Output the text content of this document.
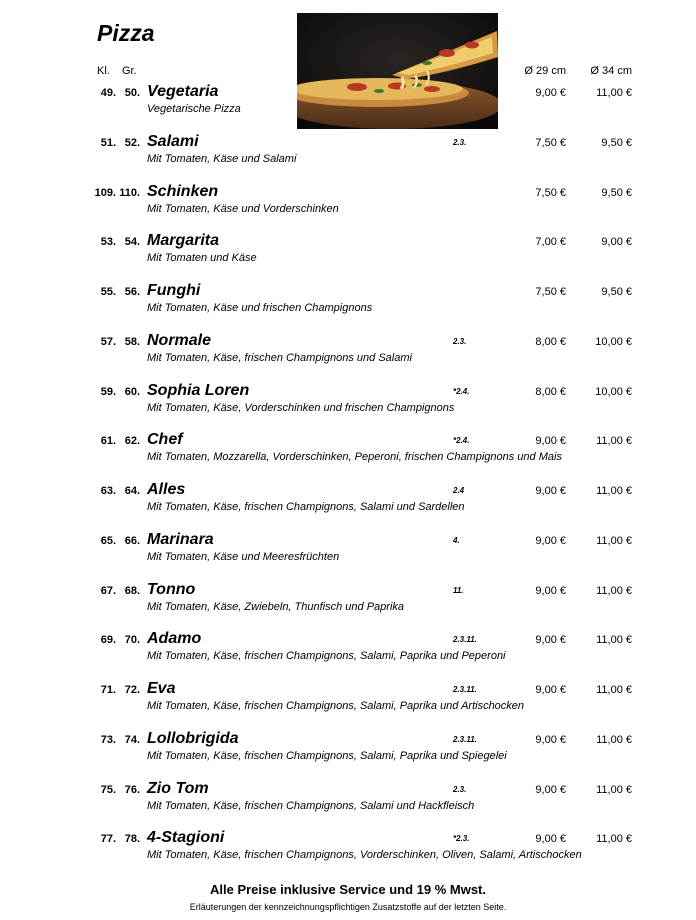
Pizza
Kl. Gr.	Ø 29 cm	Ø 34 cm
49. 50. Vegetaria
Vegetarische Pizza
9,00 €	11,00 €
51. 52. Salami
Mit Tomaten, Käse und Salami
2.3.	7,50 €	9,50 €
109. 110. Schinken
Mit Tomaten, Käse und Vorderschinken
7,50 €	9,50 €
53. 54. Margarita
Mit Tomaten und Käse
7,00 €	9,00 €
55. 56. Funghi
Mit Tomaten, Käse und frischen Champignons
7,50 €	9,50 €
57. 58. Normale
Mit Tomaten, Käse, frischen Champignons und Salami
2.3.	8,00 €	10,00 €
59. 60. Sophia Loren
Mit Tomaten, Käse, Vorderschinken und frischen Champignons
*2.4.	8,00 €	10,00 €
61. 62. Chef
Mit Tomaten, Mozzarella, Vorderschinken, Peperoni, frischen Champignons und Mais
*2.4.	9,00 €	11,00 €
63. 64. Alles
Mit Tomaten, Käse, frischen Champignons, Salami und Sardellen
2.4	9,00 €	11,00 €
65. 66. Marinara
Mit Tomaten, Käse und Meeresfrüchten
4.	9,00 €	11,00 €
67. 68. Tonno
Mit Tomaten, Käse, Zwiebeln, Thunfisch und Paprika
11.	9,00 €	11,00 €
69. 70. Adamo
Mit Tomaten, Käse, frischen Champignons, Salami, Paprika und Peperoni
2.3.11.	9,00 €	11,00 €
71. 72. Eva
Mit Tomaten, Käse, frischen Champignons, Salami, Paprika und Artischocken
2.3.11.	9,00 €	11,00 €
73. 74. Lollobrigida
Mit Tomaten, Käse, frischen Champignons, Salami, Paprika und Spiegelei
2.3.11.	9,00 €	11,00 €
75. 76. Zio Tom
Mit Tomaten, Käse, frischen Champignons, Salami und Hackfleisch
2.3.	9,00 €	11,00 €
77. 78. 4-Stagioni
Mit Tomaten, Käse, frischen Champignons, Vorderschinken, Oliven, Salami, Artischocken
*2.3.	9,00 €	11,00 €
Alle Preise inklusive Service und 19 % Mwst.
Erläuterungen der kennzeichnungspflichtigen Zusatzstoffe auf der letzten Seite.
